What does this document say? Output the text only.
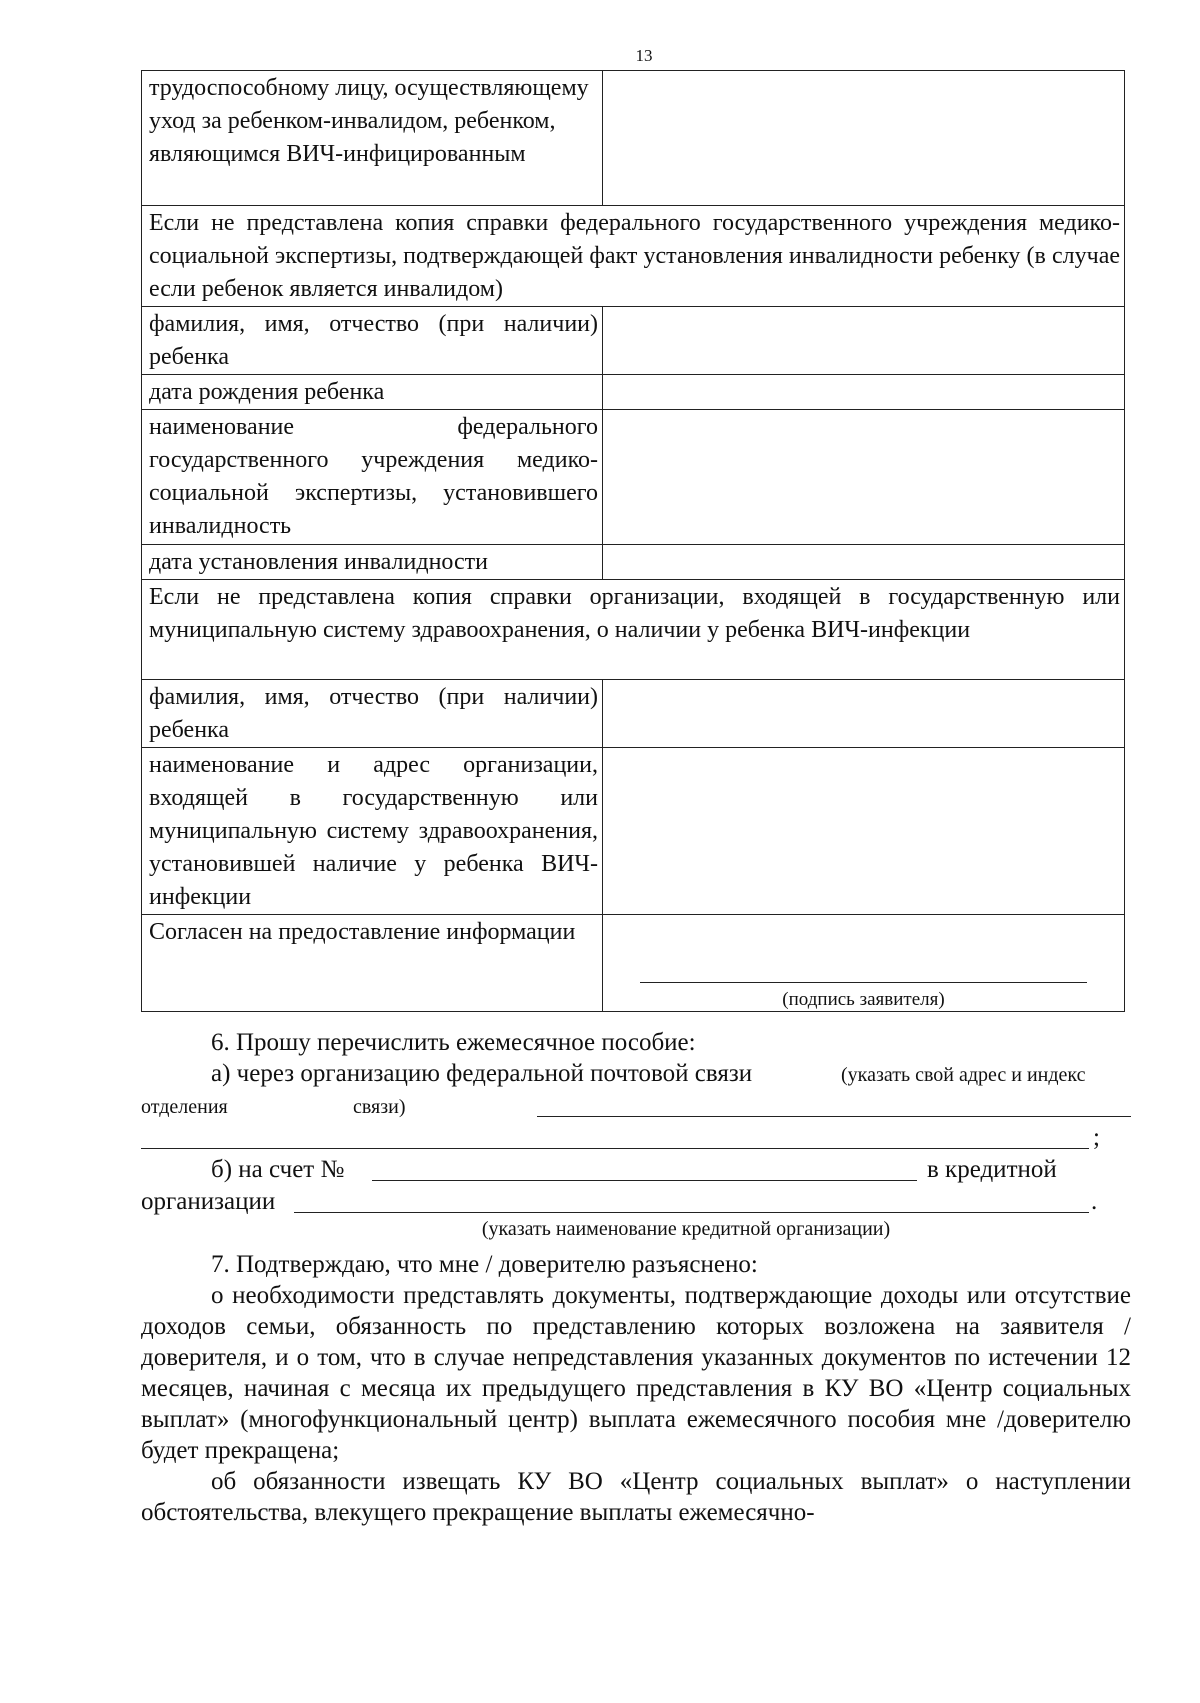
13
трудоспособному лицу, осуществляющему уход за ребенком-инвалидом, ребенком, являющимся ВИЧ-инфицированным	
Если не представлена копия справки федерального государственного учреждения медико-социальной экспертизы, подтверждающей факт установления инвалидности ребенку (в случае если ребенок является инвалидом)	
фамилия, имя, отчество (при наличии) ребенка	
дата рождения ребенка	
наименование федерального государственного учреждения медико-социальной экспертизы, установившего инвалидность	
дата установления инвалидности	
Если не представлена копия справки организации, входящей в государственную или муниципальную систему здравоохранения, о наличии у ребенка ВИЧ-инфекции	
фамилия, имя, отчество (при наличии) ребенка	
наименование и адрес организации, входящей в государственную или муниципальную систему здравоохранения, установившей наличие у ребенка ВИЧ-инфекции	
Согласен на предоставление информации	(подпись заявителя)

6. Прошу перечислить ежемесячное пособие:

а) через организацию федеральной почтовой связи	(указать свой адрес и индекс
отделения	связи)
;
б) на счет №	в кредитной
организации	.
(указать наименование кредитной организации)

7. Подтверждаю, что мне / доверителю разъяснено:

о необходимости представлять документы, подтверждающие доходы или отсутствие доходов семьи, обязанность по представлению которых возложена на заявителя / доверителя, и о том, что в случае непредставления указанных документов по истечении 12 месяцев, начиная с месяца их предыдущего представления в КУ ВО «Центр социальных выплат» (многофункциональный центр) выплата ежемесячного пособия мне /доверителю будет прекращена;

об обязанности извещать КУ ВО «Центр социальных выплат» о наступлении обстоятельства, влекущего прекращение выплаты ежемесячно-
